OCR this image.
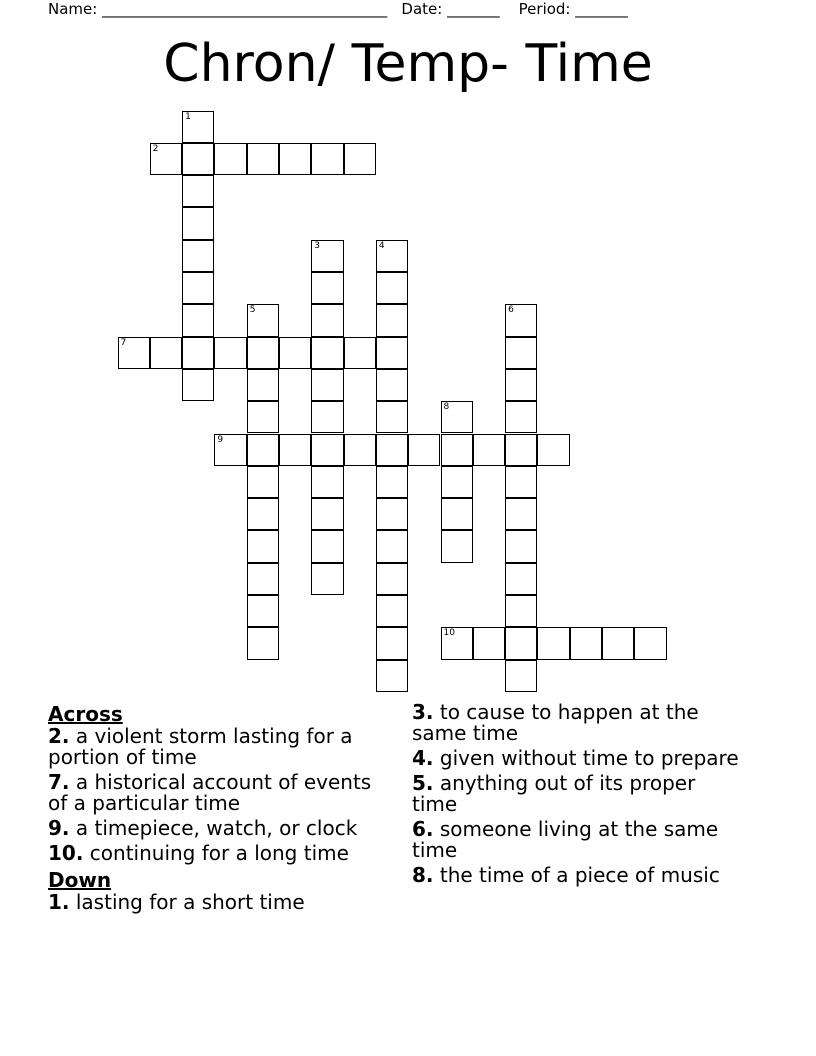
Name: ______________________________________ Date: _______ Period: _______
Chron/ Temp- Time
1
2
3	4
5	6
7
8
9
10

Across

2. a violent storm lasting for a portion of time

7. a historical account of events of a particular time

9. a timepiece, watch, or clock

10. continuing for a long time

Down

1. lasting for a short time

3. to cause to happen at the same time

4. given without time to prepare

5. anything out of its proper time

6. someone living at the same time

8. the time of a piece of music
